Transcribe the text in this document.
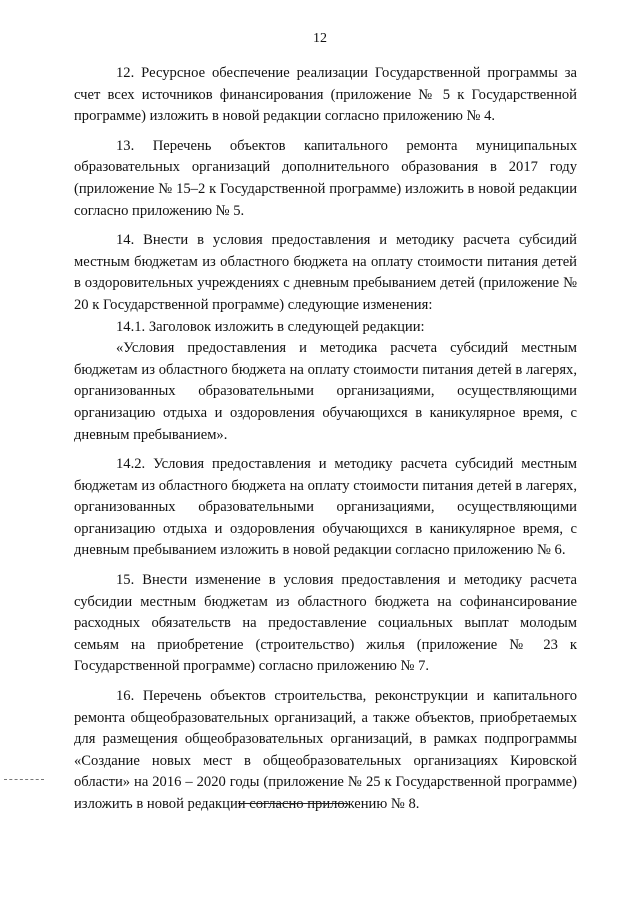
12

12. Ресурсное обеспечение реализации Государственной программы за счет всех источников финансирования (приложение № 5 к Государственной программе) изложить в новой редакции согласно приложению № 4.

13. Перечень объектов капитального ремонта муниципальных образовательных организаций дополнительного образования в 2017 году (приложение № 15–2 к Государственной программе) изложить в новой редакции согласно приложению № 5.

14. Внести в условия предоставления и методику расчета субсидий местным бюджетам из областного бюджета на оплату стоимости питания детей в оздоровительных учреждениях с дневным пребыванием детей (приложение № 20 к Государственной программе) следующие изменения:

14.1. Заголовок изложить в следующей редакции:

«Условия предоставления и методика расчета субсидий местным бюджетам из областного бюджета на оплату стоимости питания детей в лагерях, организованных образовательными организациями, осуществляющими организацию отдыха и оздоровления обучающихся в каникулярное время, с дневным пребыванием».

14.2. Условия предоставления и методику расчета субсидий местным бюджетам из областного бюджета на оплату стоимости питания детей в лагерях, организованных образовательными организациями, осуществляющими организацию отдыха и оздоровления обучающихся в каникулярное время, с дневным пребыванием изложить в новой редакции согласно приложению № 6.

15. Внести изменение в условия предоставления и методику расчета субсидии местным бюджетам из областного бюджета на софинансирование расходных обязательств на предоставление социальных выплат молодым семьям на приобретение (строительство) жилья (приложение № 23 к Государственной программе) согласно приложению № 7.

16. Перечень объектов строительства, реконструкции и капитального ремонта общеобразовательных организаций, а также объектов, приобретаемых для размещения общеобразовательных организаций, в рамках подпрограммы «Создание новых мест в общеобразовательных организациях Кировской области» на 2016 – 2020 годы (приложение № 25 к Государственной программе) изложить в новой редакции согласно приложению № 8.
